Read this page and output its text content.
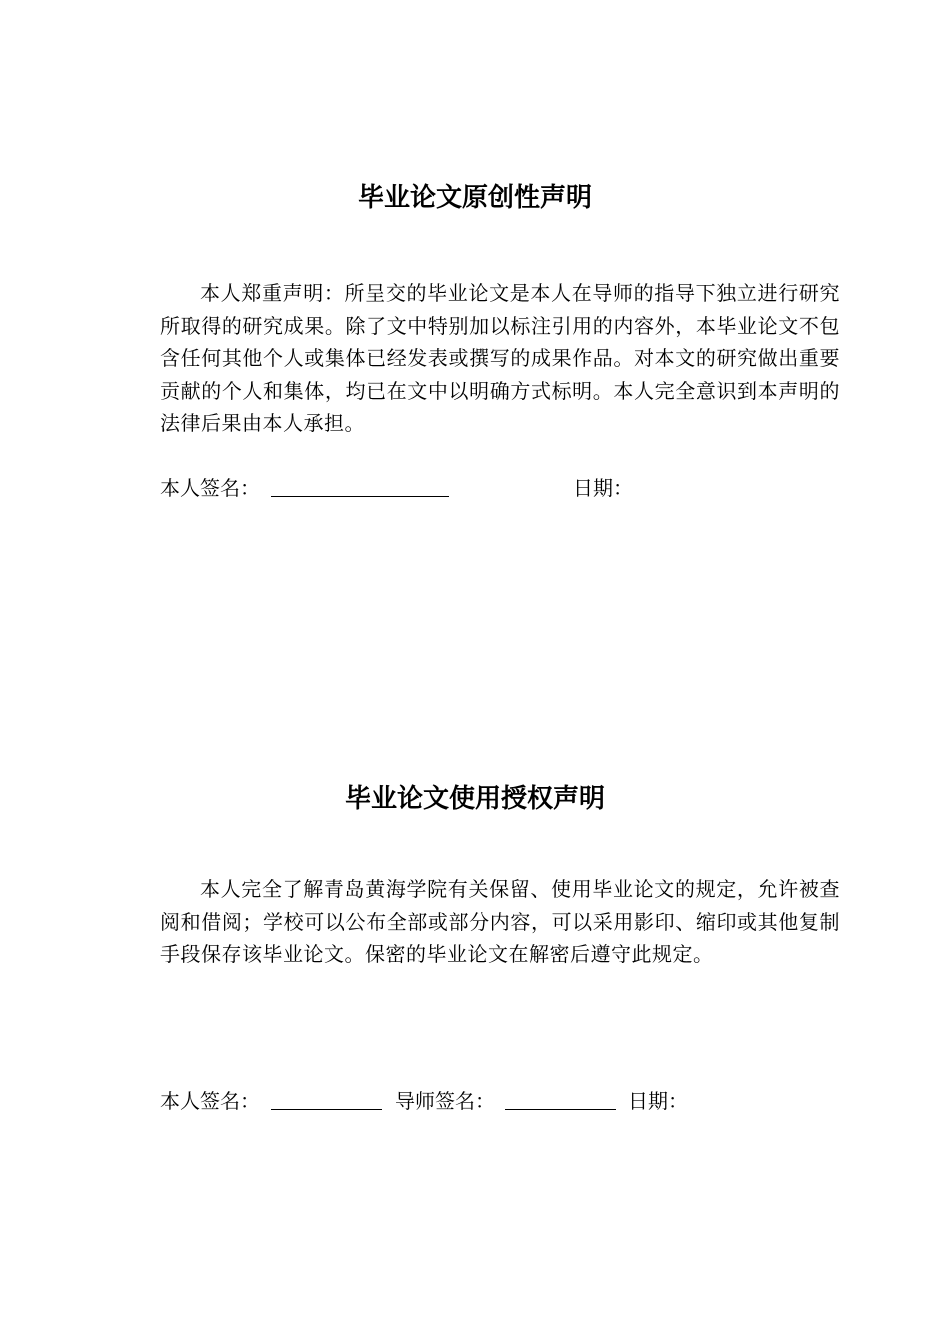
毕业论文原创性声明

本人郑重声明：所呈交的毕业论文是本人在导师的指导下独立进行研究所取得的研究成果。除了文中特别加以标注引用的内容外，本毕业论文不包含任何其他个人或集体已经发表或撰写的成果作品。对本文的研究做出重要贡献的个人和集体，均已在文中以明确方式标明。本人完全意识到本声明的法律后果由本人承担。

本人签名：	日期：
毕业论文使用授权声明

本人完全了解青岛黄海学院有关保留、使用毕业论文的规定，允许被查阅和借阅；学校可以公布全部或部分内容，可以采用影印、缩印或其他复制手段保存该毕业论文。保密的毕业论文在解密后遵守此规定。

本人签名：	导师签名：	日期：
